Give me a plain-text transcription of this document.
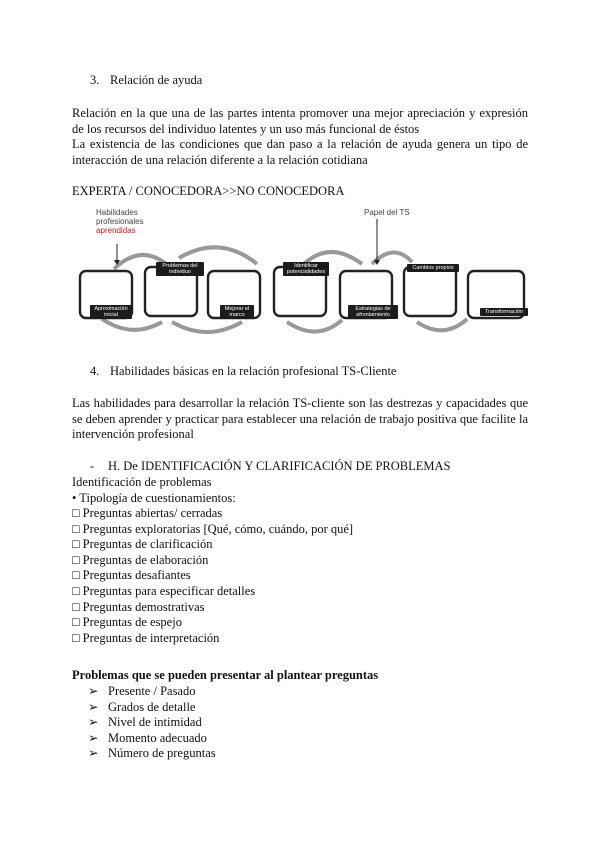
3. Relación de ayuda
Relación en la que una de las partes intenta promover una mejor apreciación y expresión de los recursos del individuo latentes y un uso más funcional de éstos
La existencia de las condiciones que dan paso a la relación de ayuda genera un tipo de interacción de una relación diferente a la relación cotidiana
EXPERTA / CONOCEDORA>>NO CONOCEDORA
Habilidades
profesionales
aprendidas
Papel del TS
Aproximación inicial
Problemas del individuo
Mejorar el marco
Identificar potencialidades
Estrategias de afrontamiento
Cambios propios
Transformación
4. Habilidades básicas en la relación profesional TS-Cliente
Las habilidades para desarrollar la relación TS-cliente son las destrezas y capacidades que se deben aprender y practicar para establecer una relación de trabajo positiva que facilite la intervención profesional
- H. De IDENTIFICACIÓN Y CLARIFICACIÓN DE PROBLEMAS
Identificación de problemas
• Tipología de cuestionamientos:
□ Preguntas abiertas/ cerradas
□ Preguntas exploratorias [Qué, cómo, cuándo, por qué]
□ Preguntas de clarificación
□ Preguntas de elaboración
□ Preguntas desafiantes
□ Preguntas para especificar detalles
□ Preguntas demostrativas
□ Preguntas de espejo
□ Preguntas de interpretación
Problemas que se pueden presentar al plantear preguntas
➢ Presente / Pasado
➢ Grados de detalle
➢ Nivel de intimidad
➢ Momento adecuado
➢ Número de preguntas
